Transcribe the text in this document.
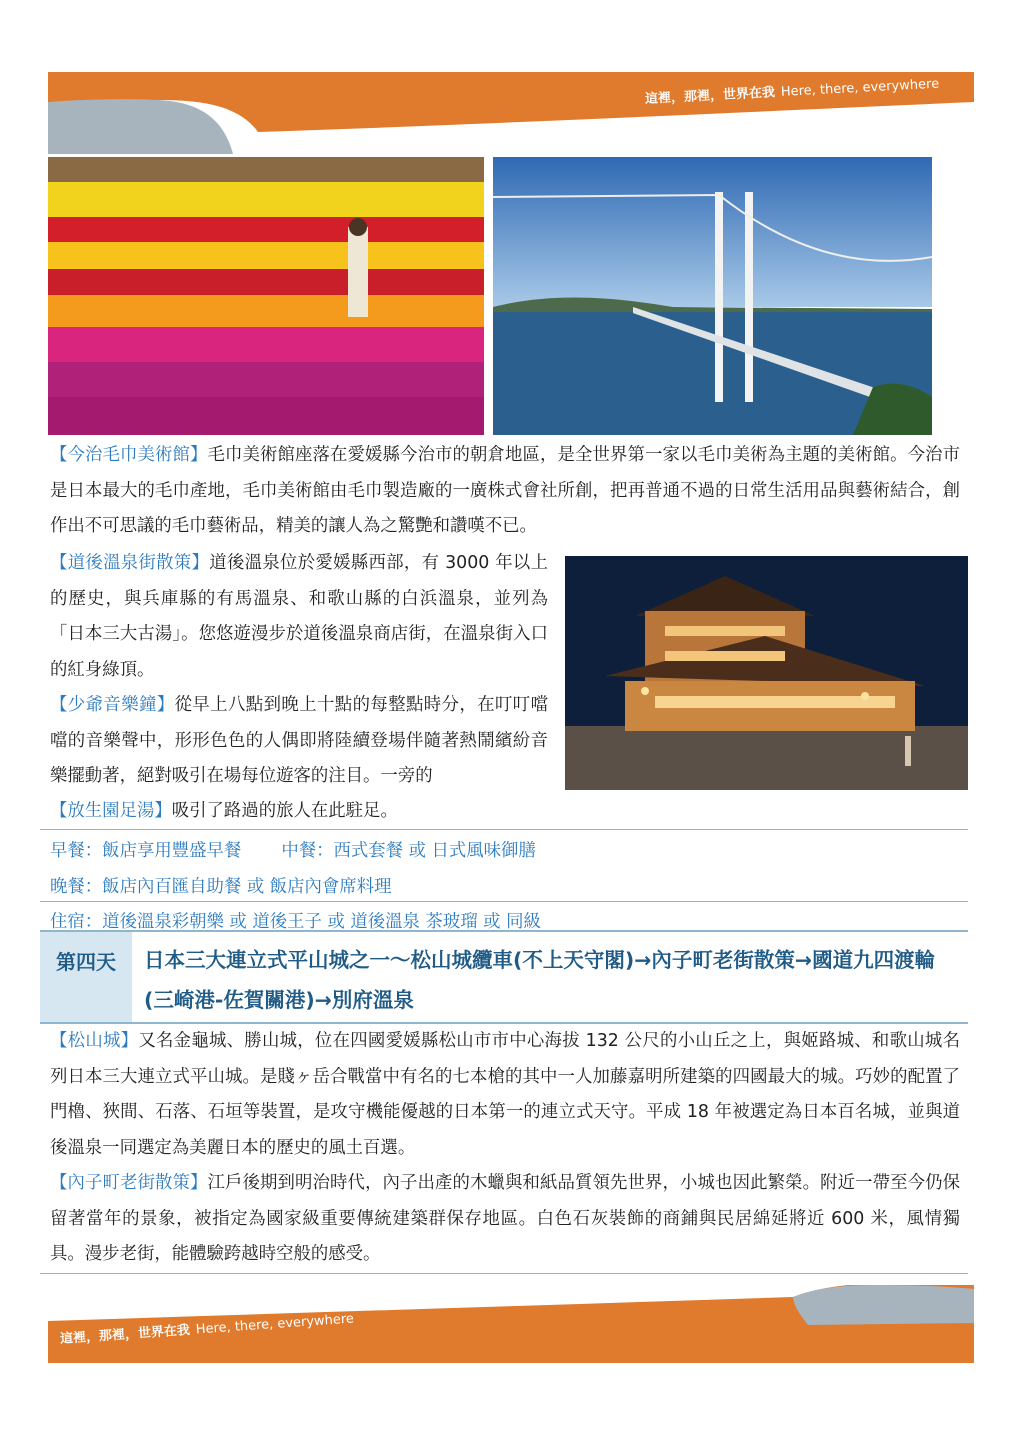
這裡，那裡，世界在我 Here, there, everywhere

【今治毛巾美術館】毛巾美術館座落在愛媛縣今治市的朝倉地區，是全世界第一家以毛巾美術為主題的美術館。今治市是日本最大的毛巾產地，毛巾美術館由毛巾製造廠的一廣株式會社所創，把再普通不過的日常生活用品與藝術結合，創作出不可思議的毛巾藝術品，精美的讓人為之驚艷和讚嘆不已。

【道後溫泉街散策】道後溫泉位於愛媛縣西部，有 3000 年以上的歷史，與兵庫縣的有馬溫泉、和歌山縣的白浜溫泉，並列為「日本三大古湯」。您悠遊漫步於道後溫泉商店街，在溫泉街入口的紅身綠頂。

【少爺音樂鐘】從早上八點到晚上十點的每整點時分，在叮叮噹噹的音樂聲中，形形色色的人偶即將陸續登場伴隨著熱鬧繽紛音樂擺動著，絕對吸引在場每位遊客的注目。一旁的

【放生園足湯】吸引了路過的旅人在此駐足。

早餐：飯店享用豐盛早餐 中餐：西式套餐 或 日式風味御膳
晚餐：飯店內百匯自助餐 或 飯店內會席料理
住宿：道後溫泉彩朝樂 或 道後王子 或 道後溫泉 茶玻瑠 或 同級
第四天	日本三大連立式平山城之一～松山城纜車(不上天守閣)→內子町老街散策→國道九四渡輪(三崎港-佐賀關港)→別府溫泉

【松山城】又名金龜城、勝山城，位在四國愛媛縣松山市市中心海拔 132 公尺的小山丘之上，與姬路城、和歌山城名列日本三大連立式平山城。是賤ヶ岳合戰當中有名的七本槍的其中一人加藤嘉明所建築的四國最大的城。巧妙的配置了門櫓、狹間、石落、石垣等裝置，是攻守機能優越的日本第一的連立式天守。平成 18 年被選定為日本百名城，並與道後溫泉一同選定為美麗日本的歷史的風土百選。

【內子町老街散策】江戶後期到明治時代，內子出產的木蠟與和紙品質領先世界，小城也因此繁榮。附近一帶至今仍保留著當年的景象，被指定為國家級重要傳統建築群保存地區。白色石灰裝飾的商鋪與民居綿延將近 600 米，風情獨具。漫步老街，能體驗跨越時空般的感受。

這裡，那裡，世界在我 Here, there, everywhere
